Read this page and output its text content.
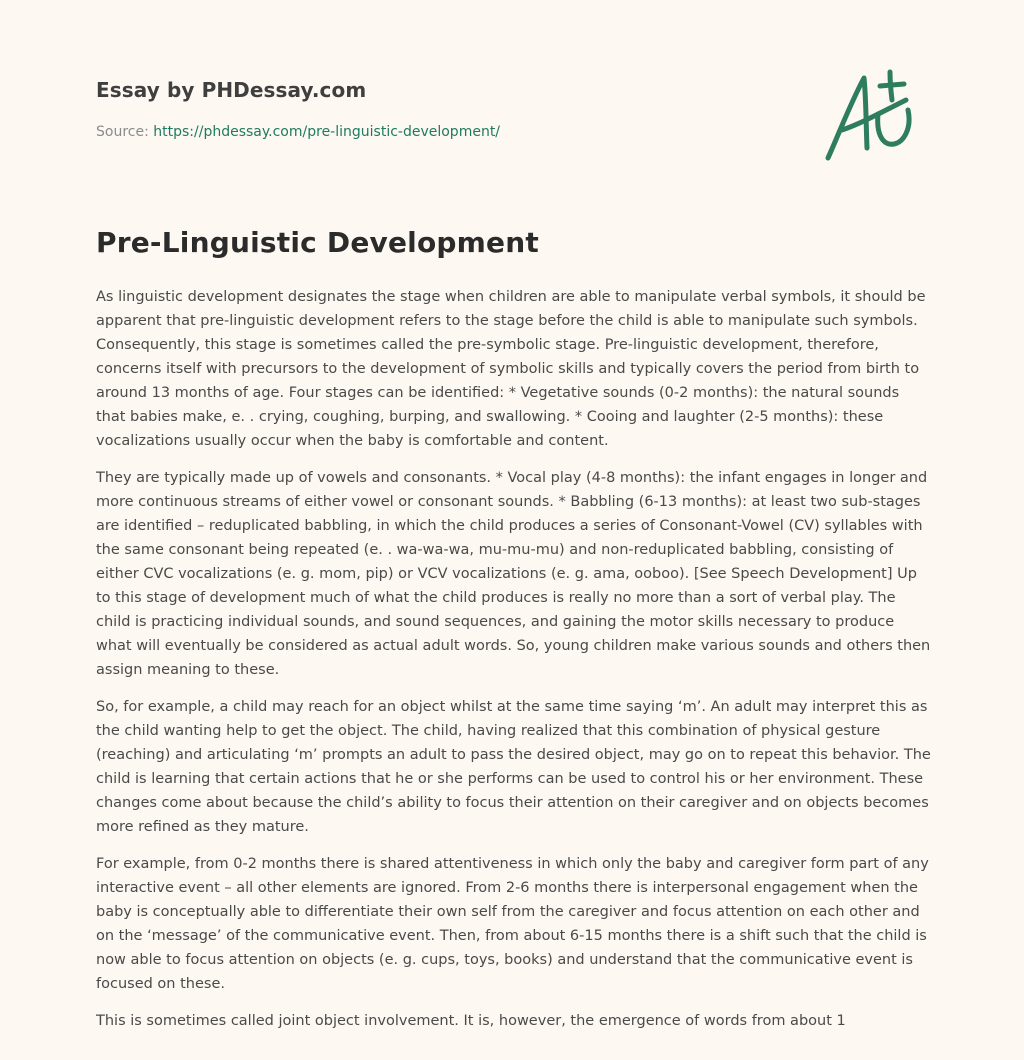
Essay by PHDessay.com
Source: https://phdessay.com/pre-linguistic-development/
Pre-Linguistic Development

As linguistic development designates the stage when children are able to manipulate verbal symbols, it should be apparent that pre-linguistic development refers to the stage before the child is able to manipulate such symbols. Consequently, this stage is sometimes called the pre-symbolic stage. Pre-linguistic development, therefore, concerns itself with precursors to the development of symbolic skills and typically covers the period from birth to around 13 months of age. Four stages can be identified: * Vegetative sounds (0-2 months): the natural sounds that babies make, e. . crying, coughing, burping, and swallowing. * Cooing and laughter (2-5 months): these vocalizations usually occur when the baby is comfortable and content.

They are typically made up of vowels and consonants. * Vocal play (4-8 months): the infant engages in longer and more continuous streams of either vowel or consonant sounds. * Babbling (6-13 months): at least two sub-stages are identified – reduplicated babbling, in which the child produces a series of Consonant-Vowel (CV) syllables with the same consonant being repeated (e. . wa-wa-wa, mu-mu-mu) and non-reduplicated babbling, consisting of either CVC vocalizations (e. g. mom, pip) or VCV vocalizations (e. g. ama, ooboo). [See Speech Development] Up to this stage of development much of what the child produces is really no more than a sort of verbal play. The child is practicing individual sounds, and sound sequences, and gaining the motor skills necessary to produce what will eventually be considered as actual adult words. So, young children make various sounds and others then assign meaning to these.

So, for example, a child may reach for an object whilst at the same time saying ‘m’. An adult may interpret this as the child wanting help to get the object. The child, having realized that this combination of physical gesture (reaching) and articulating ‘m’ prompts an adult to pass the desired object, may go on to repeat this behavior. The child is learning that certain actions that he or she performs can be used to control his or her environment. These changes come about because the child’s ability to focus their attention on their caregiver and on objects becomes more refined as they mature.

For example, from 0-2 months there is shared attentiveness in which only the baby and caregiver form part of any interactive event – all other elements are ignored. From 2-6 months there is interpersonal engagement when the baby is conceptually able to differentiate their own self from the caregiver and focus attention on each other and on the ‘message’ of the communicative event. Then, from about 6-15 months there is a shift such that the child is now able to focus attention on objects (e. g. cups, toys, books) and understand that the communicative event is focused on these.

This is sometimes called joint object involvement. It is, however, the emergence of words from about 1
